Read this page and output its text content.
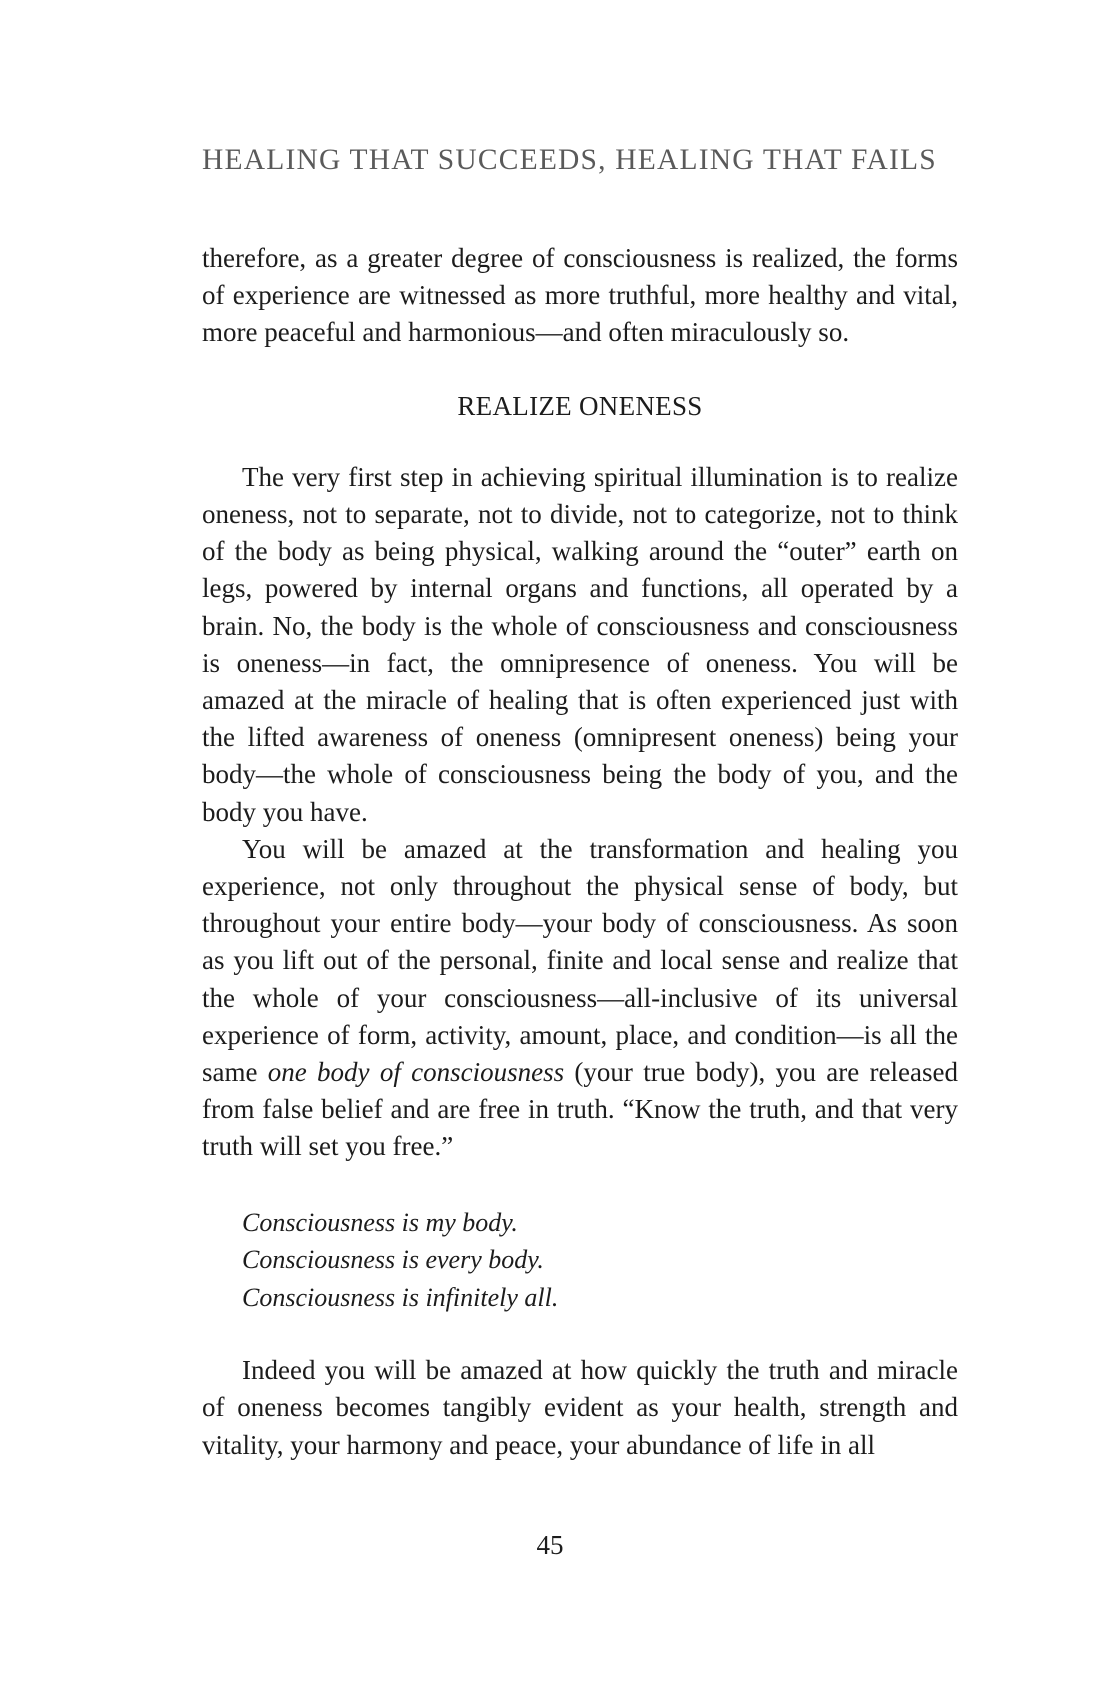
HEALING THAT SUCCEEDS, HEALING THAT FAILS

therefore, as a greater degree of consciousness is realized, the forms of experience are witnessed as more truthful, more healthy and vital, more peaceful and harmonious—and often miraculously so.

REALIZE ONENESS

The very first step in achieving spiritual illumination is to realize oneness, not to separate, not to divide, not to categorize, not to think of the body as being physical, walking around the “outer” earth on legs, powered by internal organs and functions, all operated by a brain. No, the body is the whole of consciousness and consciousness is oneness—in fact, the omnipresence of oneness. You will be amazed at the miracle of healing that is often experienced just with the lifted awareness of oneness (omnipresent oneness) being your body—the whole of consciousness being the body of you, and the body you have.

You will be amazed at the transformation and healing you experience, not only throughout the physical sense of body, but throughout your entire body—your body of consciousness. As soon as you lift out of the personal, finite and local sense and realize that the whole of your consciousness—all-inclusive of its universal experience of form, activity, amount, place, and condition—is all the same one body of consciousness (your true body), you are released from false belief and are free in truth. “Know the truth, and that very truth will set you free.”

Consciousness is my body.
Consciousness is every body.
Consciousness is infinitely all.

Indeed you will be amazed at how quickly the truth and miracle of oneness becomes tangibly evident as your health, strength and vitality, your harmony and peace, your abundance of life in all

45
